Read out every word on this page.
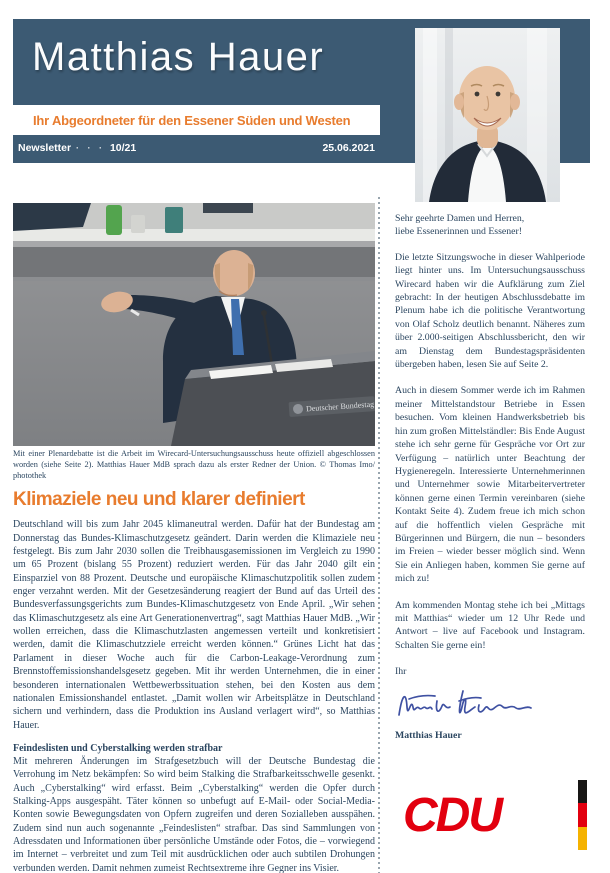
Matthias Hauer
Ihr Abgeordneter für den Essener Süden und Westen
Newsletter · · · 10/21	25.06.2021
Deutscher Bundestag
Mit einer Plenardebatte ist die Arbeit im Wirecard-Untersuchungsausschuss heute offiziell abgeschlossen worden (siehe Seite 2). Matthias Hauer MdB sprach dazu als erster Redner der Union. © Thomas Imo/ photothek
Klimaziele neu und klarer definiert
Deutschland will bis zum Jahr 2045 klimaneutral werden. Dafür hat der Bundestag am Donnerstag das Bundes-Klimaschutzgesetz geändert. Darin werden die Klimaziele neu festgelegt. Bis zum Jahr 2030 sollen die Treibhausgasemissionen im Vergleich zu 1990 um 65 Prozent (bislang 55 Prozent) reduziert werden. Für das Jahr 2040 gilt ein Einsparziel von 88 Prozent. Deutsche und europäische Klimaschutzpolitik sollen zudem enger verzahnt werden. Mit der Gesetzesänderung reagiert der Bund auf das Urteil des Bundesverfassungsgerichts zum Bundes-Klimaschutzgesetz von Ende April. „Wir sehen das Klimaschutzgesetz als eine Art Generationenvertrag“, sagt Matthias Hauer MdB. „Wir wollen erreichen, dass die Klimaschutzlasten angemessen verteilt und konkretisiert werden, damit die Klimaschutzziele erreicht werden können.“ Grünes Licht hat das Parlament in dieser Woche auch für die Carbon-Leakage-Verordnung zum Brennstoffemissionshandelsgesetz gegeben. Mit ihr werden Unternehmen, die in einer besonderen internationalen Wettbewerbssituation stehen, bei den Kosten aus dem nationalen Emissionshandel entlastet. „Damit wollen wir Arbeitsplätze in Deutschland sichern und verhindern, dass die Produktion ins Ausland verlagert wird“, so Matthias Hauer.
Feindeslisten und Cyberstalking werden strafbar
Mit mehreren Änderungen im Strafgesetzbuch will der Deutsche Bundestag die Verrohung im Netz bekämpfen: So wird beim Stalking die Strafbarkeitsschwelle gesenkt. Auch „Cyberstalking“ wird erfasst. Beim „Cyberstalking“ werden die Opfer durch Stalking-Apps ausgespäht. Täter können so unbefugt auf E-Mail- oder Social-Media-Konten sowie Bewegungsdaten von Opfern zugreifen und deren Sozialleben ausspähen. Zudem sind nun auch sogenannte „Feindeslisten“ strafbar. Das sind Sammlungen von Adressdaten und Informationen über persönliche Umstände oder Fotos, die – vorwiegend im Internet – verbreitet und zum Teil mit ausdrücklichen oder auch subtilen Drohungen verbunden werden. Damit nehmen zumeist Rechtsextreme ihre Gegner ins Visier.
Sehr geehrte Damen und Herren,
liebe Essenerinnen und Essener!

Die letzte Sitzungswoche in dieser Wahlperiode liegt hinter uns. Im Untersuchungsausschuss Wirecard haben wir die Aufklärung zum Ziel gebracht: In der heutigen Abschlussdebatte im Plenum habe ich die politische Verantwortung von Olaf Scholz deutlich benannt. Näheres zum über 2.000-seitigen Abschlussbericht, den wir am Dienstag dem Bundestagspräsidenten übergeben haben, lesen Sie auf Seite 2.

Auch in diesem Sommer werde ich im Rahmen meiner Mittelstandstour Betriebe in Essen besuchen. Vom kleinen Handwerksbetrieb bis hin zum großen Mittelständler: Bis Ende August stehe ich sehr gerne für Gespräche vor Ort zur Verfügung – natürlich unter Beachtung der Hygieneregeln. Interessierte Unternehmerinnen und Unternehmer sowie Mitarbeitervertreter können gerne einen Termin vereinbaren (siehe Kontakt Seite 4). Zudem freue ich mich schon auf die hoffentlich vielen Gespräche mit Bürgerinnen und Bürgern, die nun – besonders im Freien – wieder besser möglich sind. Wenn Sie ein Anliegen haben, kommen Sie gerne auf mich zu!

Am kommenden Montag stehe ich bei „Mittags mit Matthias“ wieder um 12 Uhr Rede und Antwort – live auf Facebook und Instagram. Schalten Sie gerne ein!

Ihr
Matthias Hauer
CDU
